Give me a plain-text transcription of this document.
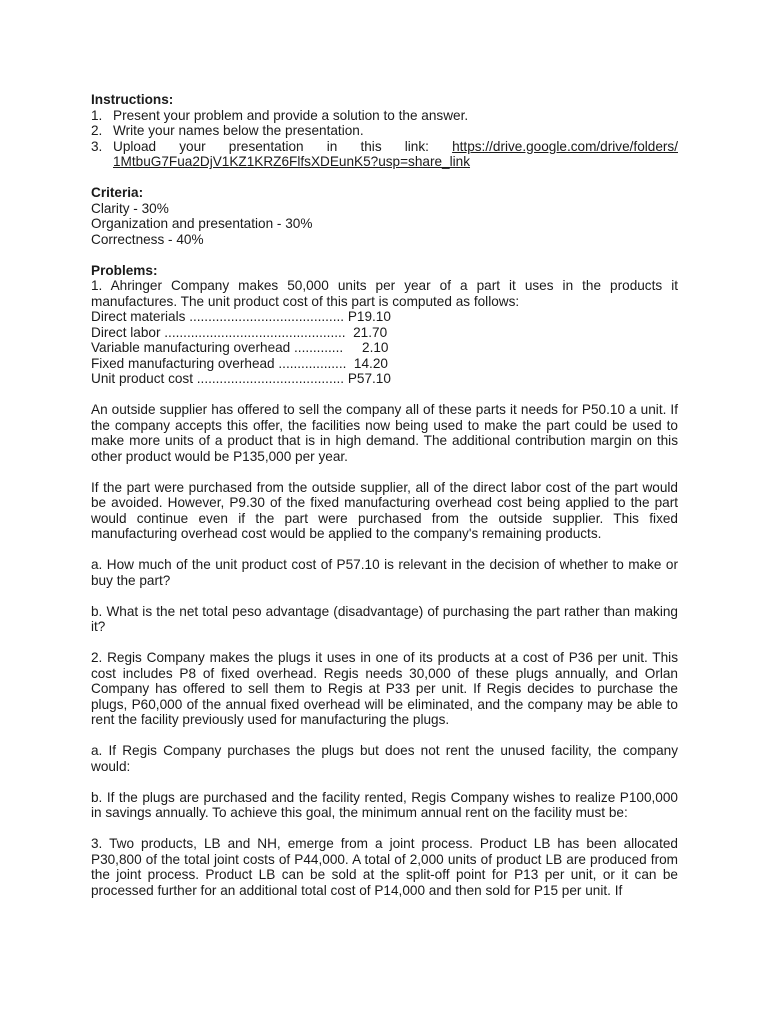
Instructions:
1. Present your problem and provide a solution to the answer.
2. Write your names below the presentation.
3. Upload your presentation in this link: https://drive.google.com/drive/folders/
1MtbuG7Fua2DjV1KZ1KRZ6FlfsXDEunK5?usp=share_link
Criteria:
Clarity - 30%
Organization and presentation - 30%
Correctness - 40%
Problems:
1. Ahringer Company makes 50,000 units per year of a part it uses in the products it manufactures. The unit product cost of this part is computed as follows:
Direct materials ......................................... P19.10
Direct labor ................................................  21.70
Variable manufacturing overhead .............     2.10
Fixed manufacturing overhead ..................  14.20
Unit product cost ....................................... P57.10
An outside supplier has offered to sell the company all of these parts it needs for P50.10 a unit. If the company accepts this offer, the facilities now being used to make the part could be used to make more units of a product that is in high demand. The additional contribution margin on this other product would be P135,000 per year.
If the part were purchased from the outside supplier, all of the direct labor cost of the part would be avoided. However, P9.30 of the fixed manufacturing overhead cost being applied to the part would continue even if the part were purchased from the outside supplier. This fixed manufacturing overhead cost would be applied to the company's remaining products.
a. How much of the unit product cost of P57.10 is relevant in the decision of whether to make or buy the part?
b. What is the net total peso advantage (disadvantage) of purchasing the part rather than making it?
2. Regis Company makes the plugs it uses in one of its products at a cost of P36 per unit. This cost includes P8 of fixed overhead. Regis needs 30,000 of these plugs annually, and Orlan Company has offered to sell them to Regis at P33 per unit. If Regis decides to purchase the plugs, P60,000 of the annual fixed overhead will be eliminated, and the company may be able to rent the facility previously used for manufacturing the plugs.
a. If Regis Company purchases the plugs but does not rent the unused facility, the company would:
b. If the plugs are purchased and the facility rented, Regis Company wishes to realize P100,000 in savings annually. To achieve this goal, the minimum annual rent on the facility must be:
3. Two products, LB and NH, emerge from a joint process. Product LB has been allocated P30,800 of the total joint costs of P44,000. A total of 2,000 units of product LB are produced from the joint process. Product LB can be sold at the split-off point for P13 per unit, or it can be processed further for an additional total cost of P14,000 and then sold for P15 per unit. If
